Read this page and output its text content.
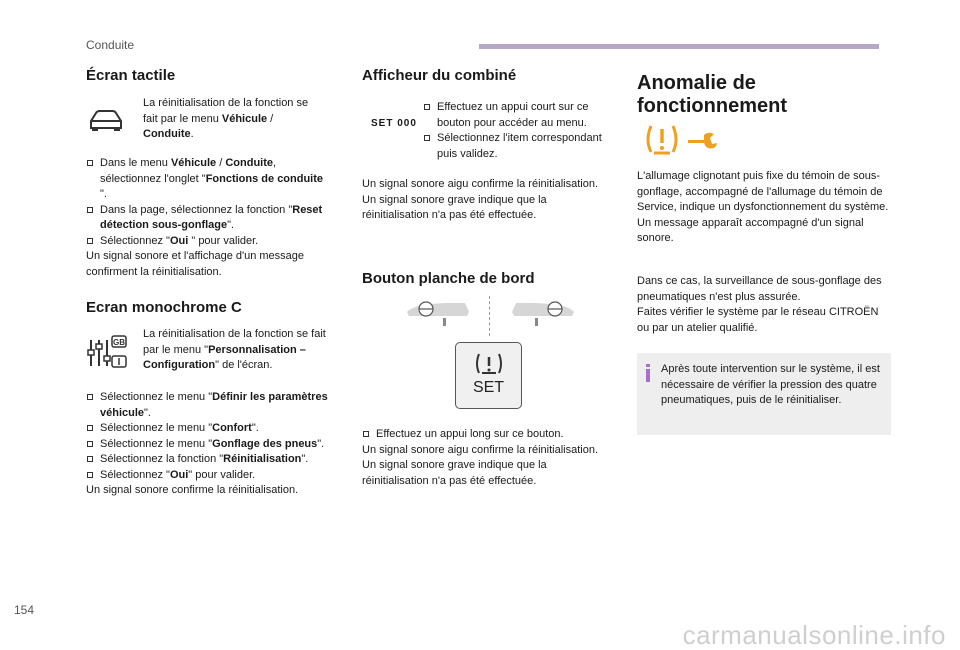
Conduite
Écran tactile

La réinitialisation de la fonction se fait par le menu Véhicule / Conduite.

Dans le menu Véhicule / Conduite, sélectionnez l'onglet "Fonctions de conduite ".

Dans la page, sélectionnez la fonction "Reset détection sous-gonflage".

Sélectionnez "Oui " pour valider.

Un signal sonore et l'affichage d'un message confirment la réinitialisation.

Ecran monochrome C
GB

La réinitialisation de la fonction se fait par le menu "Personnalisation – Configuration" de l'écran.

Sélectionnez le menu "Définir les paramètres véhicule".

Sélectionnez le menu "Confort".

Sélectionnez le menu "Gonflage des pneus".

Sélectionnez la fonction "Réinitialisation".

Sélectionnez "Oui" pour valider.

Un signal sonore confirme la réinitialisation.

Afficheur du combiné
SET 000

Effectuez un appui court sur ce bouton pour accéder au menu.

Sélectionnez l'item correspondant puis validez.

Un signal sonore aigu confirme la réinitialisation.

Un signal sonore grave indique que la réinitialisation n'a pas été effectuée.

Bouton planche de bord
SET

Effectuez un appui long sur ce bouton.

Un signal sonore aigu confirme la réinitialisation.

Un signal sonore grave indique que la réinitialisation n'a pas été effectuée.

Anomalie de fonctionnement

L'allumage clignotant puis fixe du témoin de sous-gonflage, accompagné de l'allumage du témoin de Service, indique un dysfonctionnement du système.

Un message apparaît accompagné d'un signal sonore.

Dans ce cas, la surveillance de sous-gonflage des pneumatiques n'est plus assurée.

Faites vérifier le système par le réseau CITROËN ou par un atelier qualifié.

Après toute intervention sur le système, il est nécessaire de vérifier la pression des quatre pneumatiques, puis de le réinitialiser.
154
carmanualsonline.info
